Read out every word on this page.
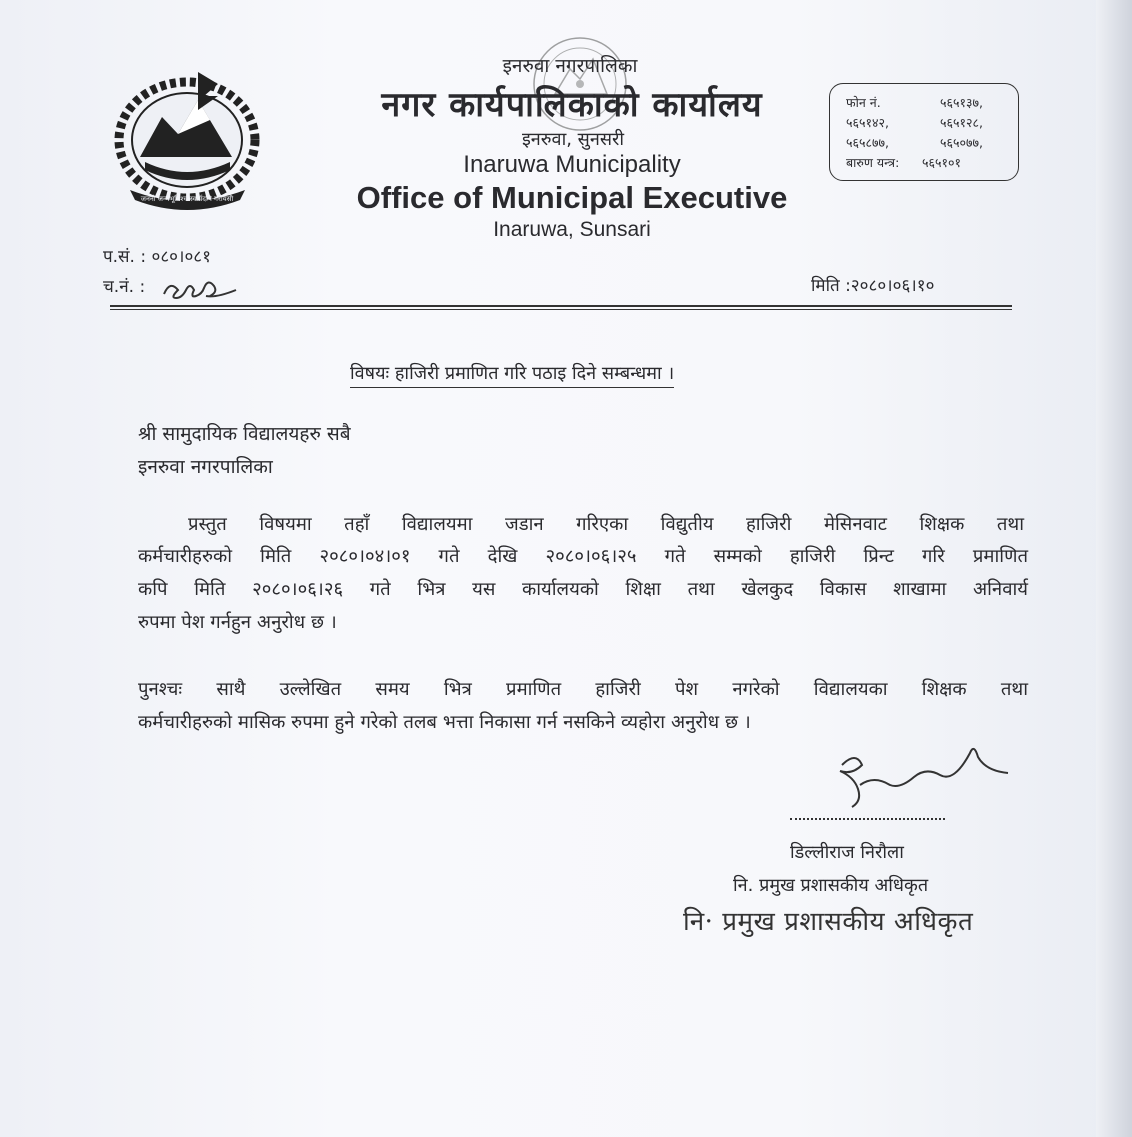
जननी जन्मभूमिश्च स्वर्गादपि गरीयसी
इनरुवा नगरपालिका
नगर कार्यपालिकाको कार्यालय
इनरुवा, सुनसरी
Inaruwa Municipality
Office of Municipal Executive
Inaruwa, Sunsari
फोन नं.	५६५१३७,
५६५१४२,	५६५१२८,
५६५८७७,	५६५०७७,
बारुण यन्त्र: ५६५१०१
प.सं. : ०८०।०८१
च.नं. :	मिति :२०८०।०६।१०
विषयः हाजिरी प्रमाणित गरि पठाइ दिने सम्बन्धमा ।
श्री सामुदायिक विद्यालयहरु सबै
इनरुवा नगरपालिका
प्रस्तुत विषयमा तहाँ विद्यालयमा जडान गरिएका विद्युतीय हाजिरी मेसिनवाट शिक्षक तथा
कर्मचारीहरुको मिति २०८०।०४।०१ गते देखि २०८०।०६।२५ गते सम्मको हाजिरी प्रिन्ट गरि प्रमाणित
कपि मिति २०८०।०६।२६ गते भित्र यस कार्यालयको शिक्षा तथा खेलकुद विकास शाखामा अनिवार्य
रुपमा पेश गर्नहुन अनुरोध छ ।
पुनश्चः साथै उल्लेखित समय भित्र प्रमाणित हाजिरी पेश नगरेको विद्यालयका शिक्षक तथा
कर्मचारीहरुको मासिक रुपमा हुने गरेको तलब भत्ता निकासा गर्न नसकिने व्यहोरा अनुरोध छ ।
डिल्लीराज निरौला
नि. प्रमुख प्रशासकीय अधिकृत
नि· प्रमुख प्रशासकीय अधिकृत
